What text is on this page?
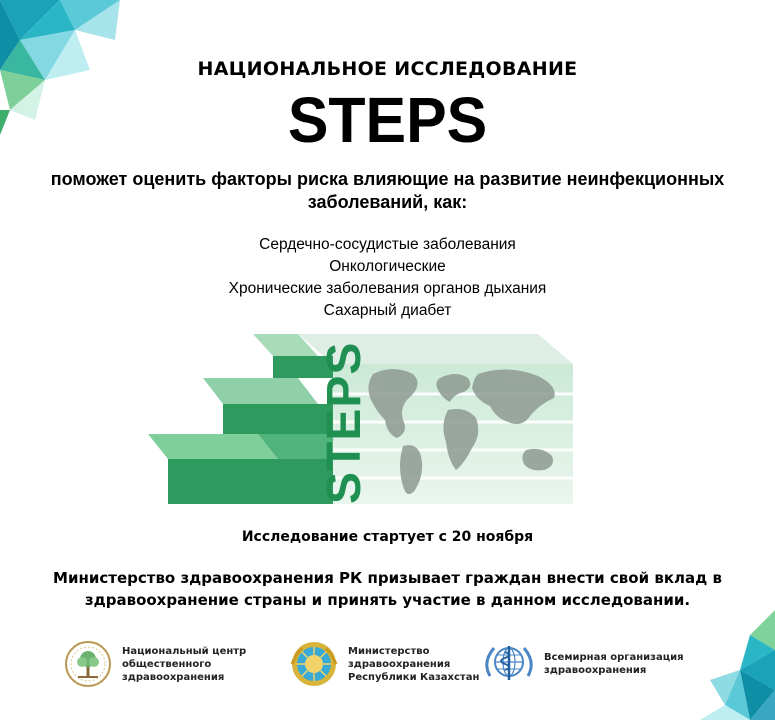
НАЦИОНАЛЬНОЕ ИССЛЕДОВАНИЕ
STEPS
поможет оценить факторы риска влияющие на развитие неинфекционных
заболеваний, как:
Сердечно-сосудистые заболевания
Онкологические
Хронические заболевания органов дыхания
Сахарный диабет
STEPS
Исследование стартует с 20 ноября
Министерство здравоохранения РК призывает граждан внести свой вклад в
здравоохранение страны и принять участие в данном исследовании.
Национальный центр
общественного
здравоохранения
Министерство
здравоохранения
Республики Казахстан
Всемирная организация
здравоохранения
